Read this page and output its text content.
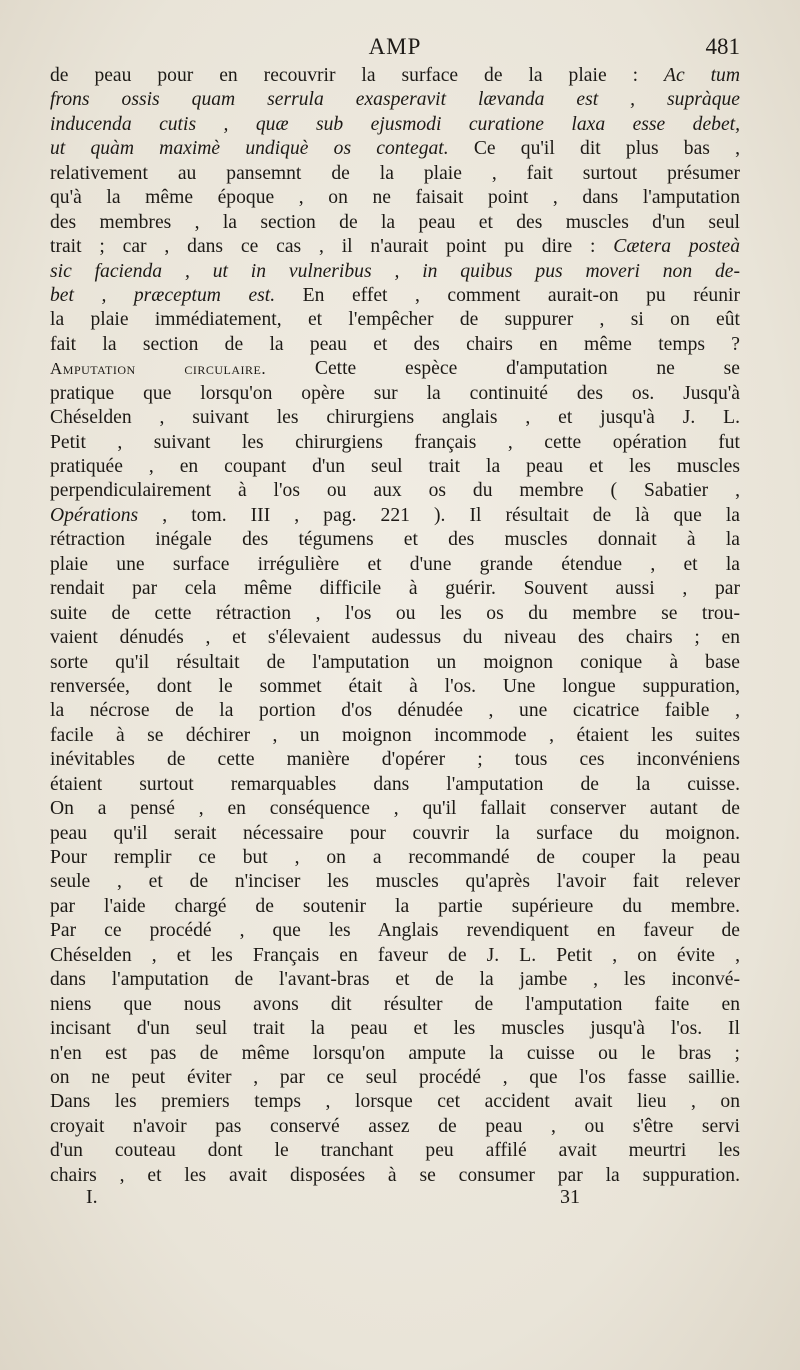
AMP	481
de peau pour en recouvrir la surface de la plaie : Ac tum
frons ossis quam serrula exasperavit lævanda est , supràque
inducenda cutis , quæ sub ejusmodi curatione laxa esse debet,
ut quàm maximè undiquè os contegat. Ce qu'il dit plus bas ,
relativement au pansemnt de la plaie , fait surtout présumer
qu'à la même époque , on ne faisait point , dans l'amputation
des membres , la section de la peau et des muscles d'un seul
trait ; car , dans ce cas , il n'aurait point pu dire : Cætera posteà
sic facienda , ut in vulneribus , in quibus pus moveri non de-
bet , præceptum est. En effet , comment aurait-on pu réunir
la plaie immédiatement, et l'empêcher de suppurer , si on eût
fait la section de la peau et des chairs en même temps ?
Amputation circulaire. Cette espèce d'amputation ne se
pratique que lorsqu'on opère sur la continuité des os. Jusqu'à
Chéselden , suivant les chirurgiens anglais , et jusqu'à J. L.
Petit , suivant les chirurgiens français , cette opération fut
pratiquée , en coupant d'un seul trait la peau et les muscles
perpendiculairement à l'os ou aux os du membre ( Sabatier ,
Opérations , tom. III , pag. 221 ). Il résultait de là que la
rétraction inégale des tégumens et des muscles donnait à la
plaie une surface irrégulière et d'une grande étendue , et la
rendait par cela même difficile à guérir. Souvent aussi , par
suite de cette rétraction , l'os ou les os du membre se trou-
vaient dénudés , et s'élevaient audessus du niveau des chairs ; en
sorte qu'il résultait de l'amputation un moignon conique à base
renversée, dont le sommet était à l'os. Une longue suppuration,
la nécrose de la portion d'os dénudée , une cicatrice faible ,
facile à se déchirer , un moignon incommode , étaient les suites
inévitables de cette manière d'opérer ; tous ces inconvéniens
étaient surtout remarquables dans l'amputation de la cuisse.
On a pensé , en conséquence , qu'il fallait conserver autant de
peau qu'il serait nécessaire pour couvrir la surface du moignon.
Pour remplir ce but , on a recommandé de couper la peau
seule , et de n'inciser les muscles qu'après l'avoir fait relever
par l'aide chargé de soutenir la partie supérieure du membre.
Par ce procédé , que les Anglais revendiquent en faveur de
Chéselden , et les Français en faveur de J. L. Petit , on évite ,
dans l'amputation de l'avant-bras et de la jambe , les inconvé-
niens que nous avons dit résulter de l'amputation faite en
incisant d'un seul trait la peau et les muscles jusqu'à l'os. Il
n'en est pas de même lorsqu'on ampute la cuisse ou le bras ;
on ne peut éviter , par ce seul procédé , que l'os fasse saillie.
Dans les premiers temps , lorsque cet accident avait lieu , on
croyait n'avoir pas conservé assez de peau , ou s'être servi
d'un couteau dont le tranchant peu affilé avait meurtri les
chairs , et les avait disposées à se consumer par la suppuration.
I.	31
